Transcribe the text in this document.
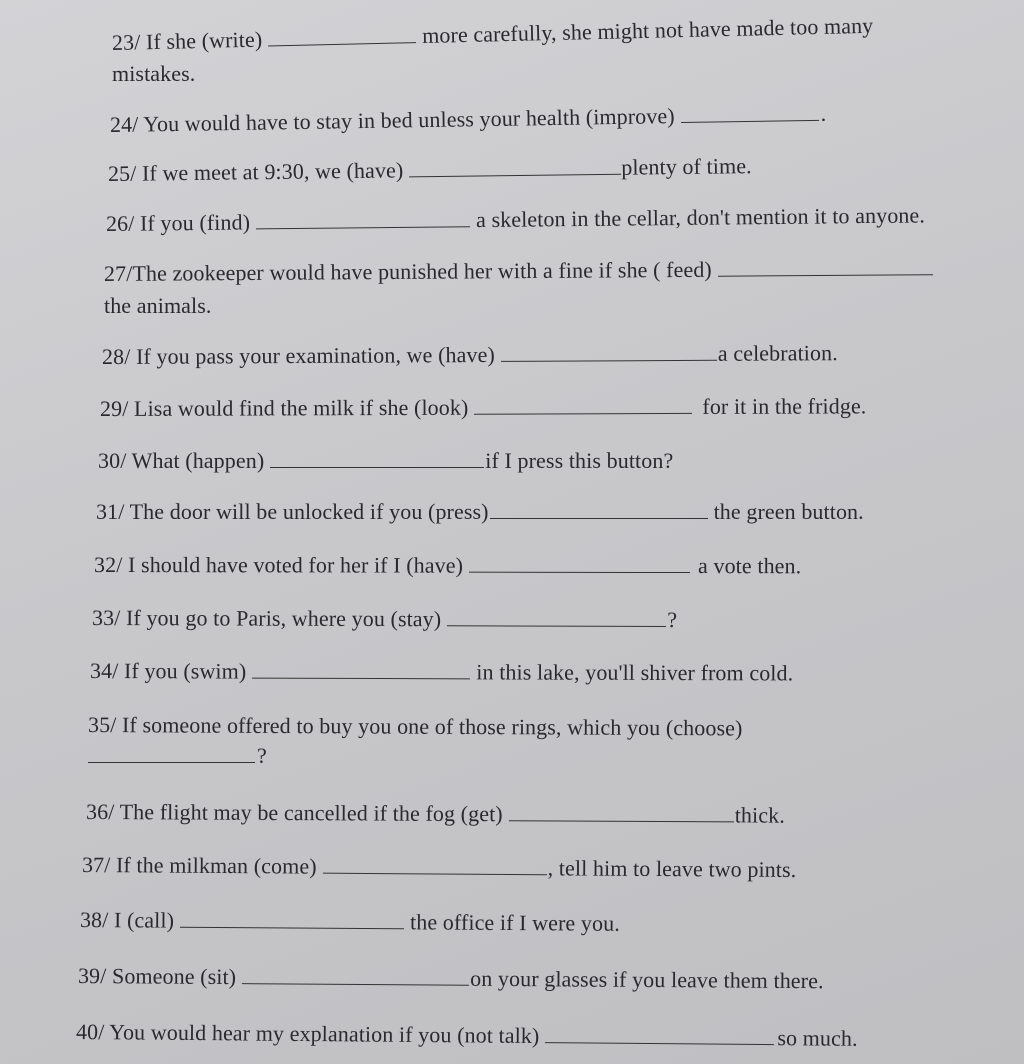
23/ If she (write)	more carefully, she might not have made too many
mistakes.
24/ You would have to stay in bed unless your health (improve)	.
25/ If we meet at 9:30, we (have)	plenty of time.
26/ If you (find)	a skeleton in the cellar, don't mention it to anyone.
27/The zookeeper would have punished her with a fine if she ( feed)
the animals.
28/ If you pass your examination, we (have)	a celebration.
29/ Lisa would find the milk if she (look)	for it in the fridge.
30/ What (happen)	if I press this button?
31/ The door will be unlocked if you (press)	the green button.
32/ I should have voted for her if I (have)	a vote then.
33/ If you go to Paris, where you (stay)	?
34/ If you (swim)	in this lake, you'll shiver from cold.
35/ If someone offered to buy you one of those rings, which you (choose)
?
36/ The flight may be cancelled if the fog (get)	thick.
37/ If the milkman (come)	, tell him to leave two pints.
38/ I (call)	the office if I were you.
39/ Someone (sit)	on your glasses if you leave them there.
40/ You would hear my explanation if you (not talk)	so much.
